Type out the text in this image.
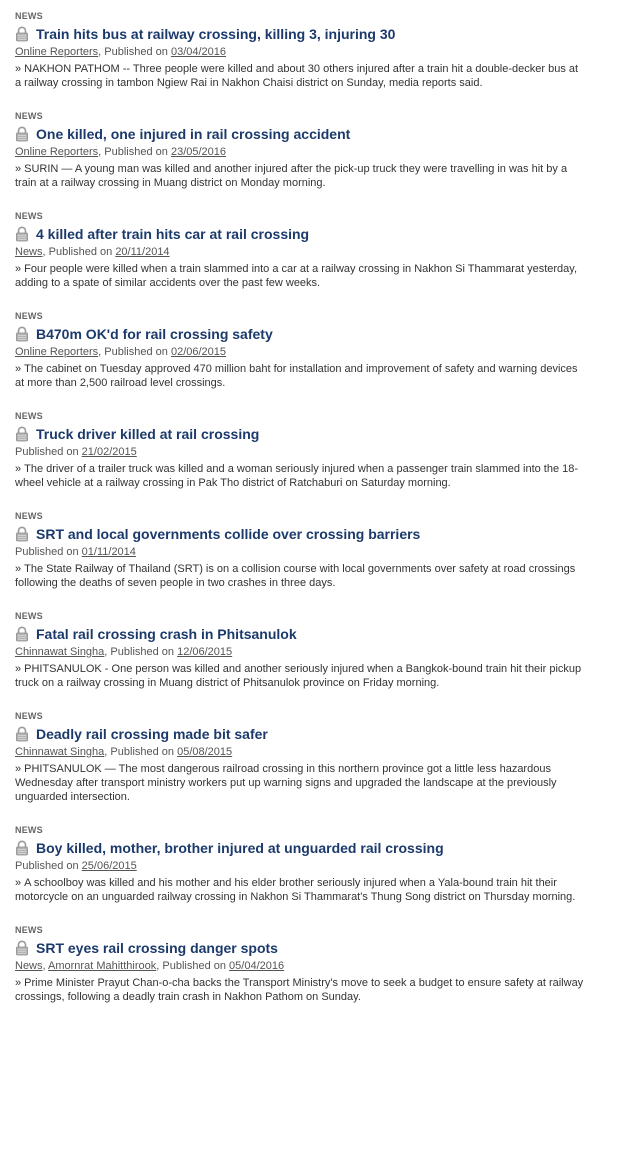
NEWS
Train hits bus at railway crossing, killing 3, injuring 30
Online Reporters, Published on 03/04/2016
» NAKHON PATHOM -- Three people were killed and about 30 others injured after a train hit a double-decker bus at a railway crossing in tambon Ngiew Rai in Nakhon Chaisi district on Sunday, media reports said.
NEWS
One killed, one injured in rail crossing accident
Online Reporters, Published on 23/05/2016
» SURIN — A young man was killed and another injured after the pick-up truck they were travelling in was hit by a train at a railway crossing in Muang district on Monday morning.
NEWS
4 killed after train hits car at rail crossing
News, Published on 20/11/2014
» Four people were killed when a train slammed into a car at a railway crossing in Nakhon Si Thammarat yesterday, adding to a spate of similar accidents over the past few weeks.
NEWS
B470m OK'd for rail crossing safety
Online Reporters, Published on 02/06/2015
» The cabinet on Tuesday approved 470 million baht for installation and improvement of safety and warning devices at more than 2,500 railroad level crossings.
NEWS
Truck driver killed at rail crossing
Published on 21/02/2015
» The driver of a trailer truck was killed and a woman seriously injured when a passenger train slammed into the 18-wheel vehicle at a railway crossing in Pak Tho district of Ratchaburi on Saturday morning.
NEWS
SRT and local governments collide over crossing barriers
Published on 01/11/2014
» The State Railway of Thailand (SRT) is on a collision course with local governments over safety at road crossings following the deaths of seven people in two crashes in three days.
NEWS
Fatal rail crossing crash in Phitsanulok
Chinnawat Singha, Published on 12/06/2015
» PHITSANULOK - One person was killed and another seriously injured when a Bangkok-bound train hit their pickup truck on a railway crossing in Muang district of Phitsanulok province on Friday morning.
NEWS
Deadly rail crossing made bit safer
Chinnawat Singha, Published on 05/08/2015
» PHITSANULOK — The most dangerous railroad crossing in this northern province got a little less hazardous Wednesday after transport ministry workers put up warning signs and upgraded the landscape at the previously unguarded intersection.
NEWS
Boy killed, mother, brother injured at unguarded rail crossing
Published on 25/06/2015
» A schoolboy was killed and his mother and his elder brother seriously injured when a Yala-bound train hit their motorcycle on an unguarded railway crossing in Nakhon Si Thammarat's Thung Song district on Thursday morning.
NEWS
SRT eyes rail crossing danger spots
News, Amornrat Mahitthirook, Published on 05/04/2016
» Prime Minister Prayut Chan-o-cha backs the Transport Ministry's move to seek a budget to ensure safety at railway crossings, following a deadly train crash in Nakhon Pathom on Sunday.
